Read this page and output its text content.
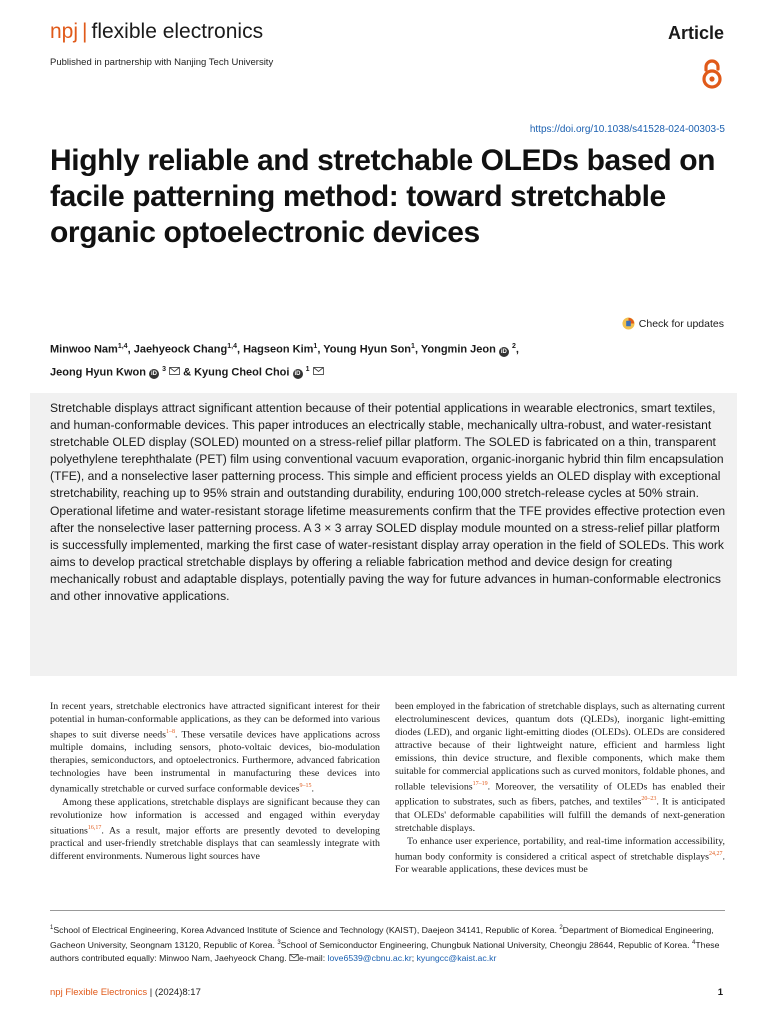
npj | flexible electronics	Article
Published in partnership with Nanjing Tech University
https://doi.org/10.1038/s41528-024-00303-5
Highly reliable and stretchable OLEDs based on facile patterning method: toward stretchable organic optoelectronic devices
Check for updates
Minwoo Nam$^{1,4}$, Jaehyeock Chang$^{1,4}$, Hagseon Kim$^1$, Young Hyun Son$^1$, Yongmin Jeon iD $^2$,
Jeong Hyun Kwon iD $^3$  & Kyung Cheol Choi iD $^1$
Stretchable displays attract significant attention because of their potential applications in wearable electronics, smart textiles, and human-conformable devices. This paper introduces an electrically stable, mechanically ultra-robust, and water-resistant stretchable OLED display (SOLED) mounted on a stress-relief pillar platform. The SOLED is fabricated on a thin, transparent polyethylene terephthalate (PET) film using conventional vacuum evaporation, organic-inorganic hybrid thin film encapsulation (TFE), and a nonselective laser patterning process. This simple and efficient process yields an OLED display with exceptional stretchability, reaching up to 95% strain and outstanding durability, enduring 100,000 stretch-release cycles at 50% strain. Operational lifetime and water-resistant storage lifetime measurements confirm that the TFE provides effective protection even after the nonselective laser patterning process. A 3 × 3 array SOLED display module mounted on a stress-relief pillar platform is successfully implemented, marking the first case of water-resistant display array operation in the field of SOLEDs. This work aims to develop practical stretchable displays by offering a reliable fabrication method and device design for creating mechanically robust and adaptable displays, potentially paving the way for future advances in human-conformable electronics and other innovative applications.

In recent years, stretchable electronics have attracted significant interest for their potential in human-conformable applications, as they can be deformed into various shapes to suit diverse needs$^{1-8}$. These versatile devices have applications across multiple domains, including sensors, photo-voltaic devices, bio-modulation therapies, semiconductors, and optoelectronics. Furthermore, advanced fabrication technologies have been instrumental in manufacturing these devices into dynamically stretchable or curved surface conformable devices$^{9-15}$.

Among these applications, stretchable displays are significant because they can revolutionize how information is accessed and engaged within everyday situations$^{16,17}$. As a result, major efforts are presently devoted to developing practical and user-friendly stretchable displays that can seamlessly integrate with different environments. Numerous light sources have

been employed in the fabrication of stretchable displays, such as alternating current electroluminescent devices, quantum dots (QLEDs), inorganic light-emitting diodes (LED), and organic light-emitting diodes (OLEDs). OLEDs are considered attractive because of their lightweight nature, efficient and harmless light emissions, thin device structure, and flexible components, which make them suitable for commercial applications such as curved monitors, foldable phones, and rollable televisions$^{17-19}$. Moreover, the versatility of OLEDs has enabled their application to substrates, such as fibers, patches, and textiles$^{20-23}$. It is anticipated that OLEDs' deformable capabilities will fulfill the demands of next-generation stretchable displays.

To enhance user experience, portability, and real-time information accessibility, human body conformity is considered a critical aspect of stretchable displays$^{24,27}$. For wearable applications, these devices must be

$^1$School of Electrical Engineering, Korea Advanced Institute of Science and Technology (KAIST), Daejeon 34141, Republic of Korea. $^2$Department of Biomedical Engineering, Gacheon University, Seongnam 13120, Republic of Korea. $^3$School of Semiconductor Engineering, Chungbuk National University, Cheongju 28644, Republic of Korea. $^4$These authors contributed equally: Minwoo Nam, Jaehyeock Chang. e-mail: love6539@cbnu.ac.kr; kyungcc@kaist.ac.kr
npj Flexible Electronics | (2024)8:17	1
